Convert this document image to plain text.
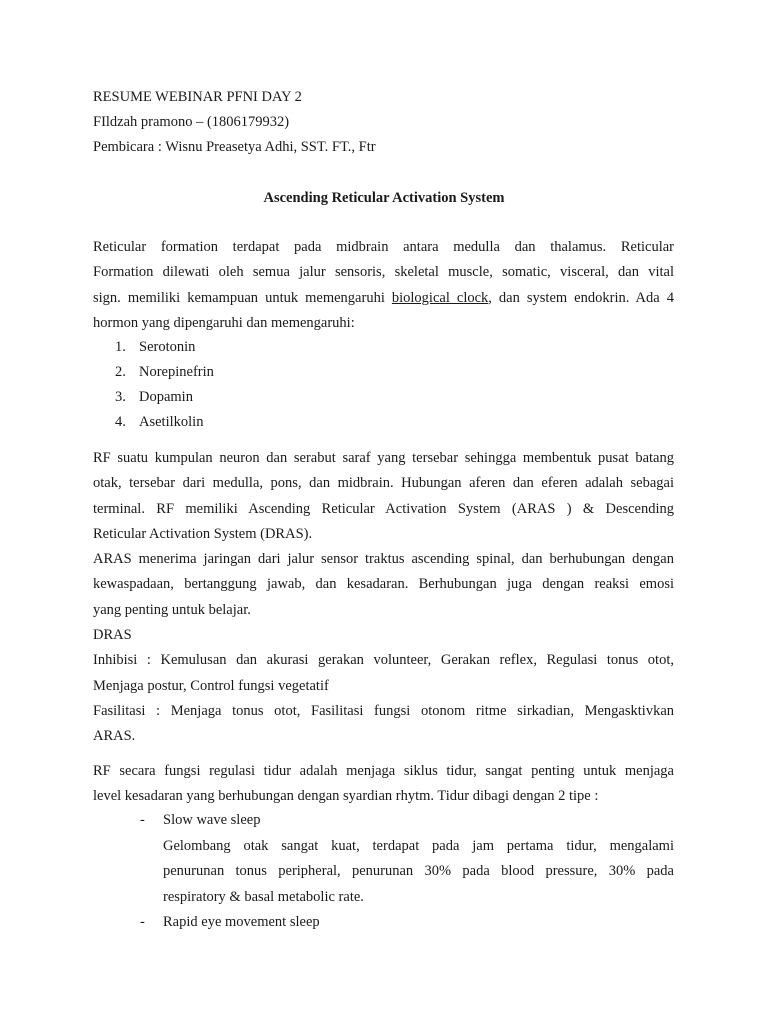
RESUME WEBINAR PFNI DAY 2
FIldzah pramono – (1806179932)
Pembicara : Wisnu Preasetya Adhi, SST. FT., Ftr
Ascending Reticular Activation System
Reticular formation terdapat pada midbrain antara medulla dan thalamus. Reticular
Formation dilewati oleh semua jalur sensoris, skeletal muscle, somatic, visceral, dan vital
sign. memiliki kemampuan untuk memengaruhi biological clock, dan system endokrin. Ada 4
hormon yang dipengaruhi dan memengaruhi:
1. Serotonin
2. Norepinefrin
3. Dopamin
4. Asetilkolin
RF suatu kumpulan neuron dan serabut saraf yang tersebar sehingga membentuk pusat batang
otak, tersebar dari medulla, pons, dan midbrain. Hubungan aferen dan eferen adalah sebagai
terminal. RF memiliki Ascending Reticular Activation System (ARAS ) & Descending
Reticular Activation System (DRAS).
ARAS menerima jaringan dari jalur sensor traktus ascending spinal, dan berhubungan dengan
kewaspadaan, bertanggung jawab, dan kesadaran. Berhubungan juga dengan reaksi emosi
yang penting untuk belajar.
DRAS
Inhibisi : Kemulusan dan akurasi gerakan volunteer, Gerakan reflex, Regulasi tonus otot,
Menjaga postur, Control fungsi vegetatif
Fasilitasi : Menjaga tonus otot, Fasilitasi fungsi otonom ritme sirkadian, Mengasktivkan
ARAS.
RF secara fungsi regulasi tidur adalah menjaga siklus tidur, sangat penting untuk menjaga
level kesadaran yang berhubungan dengan syardian rhytm. Tidur dibagi dengan 2 tipe :
- Slow wave sleep
Gelombang otak sangat kuat, terdapat pada jam pertama tidur, mengalami
penurunan tonus peripheral, penurunan 30% pada blood pressure, 30% pada
respiratory & basal metabolic rate.
- Rapid eye movement sleep
